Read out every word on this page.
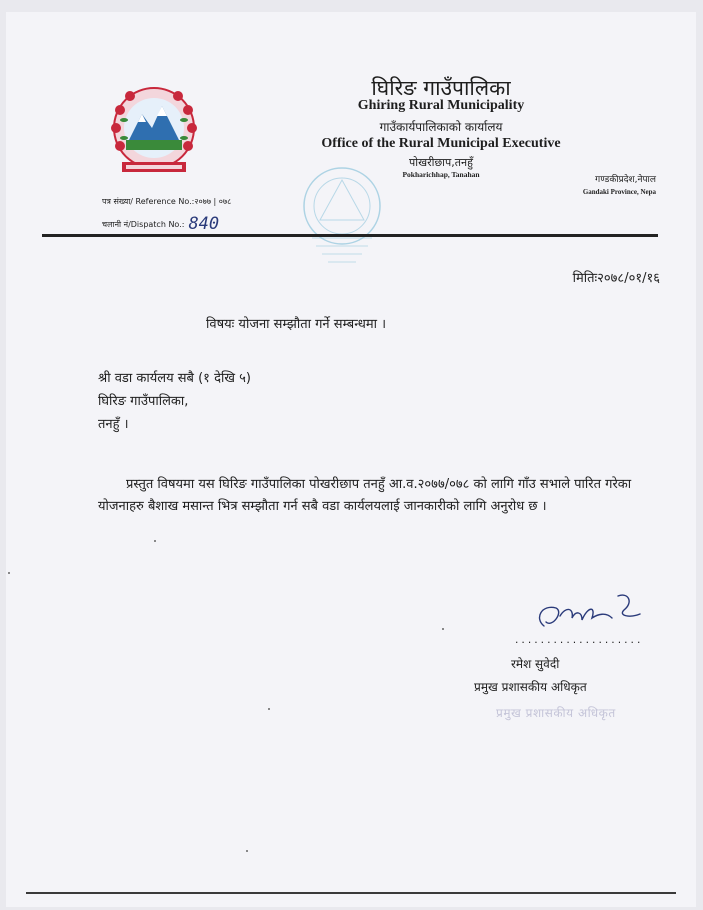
घिरिङ गाउँपालिका
Ghiring Rural Municipality
गाउँकार्यपालिकाको कार्यालय
Office of the Rural Municipal Executive
पोखरीछाप,तनहुँ
Pokharichhap, Tanahan
गण्डकीप्रदेश,नेपाल
Gandaki Province, Nepa
पत्र संख्या/ Reference No.:२०७७ | ०७८
चलानी नं/Dispatch No.: 840
मितिः२०७८/०१/१६
विषयः योजना सम्झौता गर्ने सम्बन्धमा ।
श्री वडा कार्यलय सबै (१ देखि ५)
घिरिङ गाउँपालिका,
तनहुँ ।
प्रस्तुत विषयमा यस घिरिङ गाउँपालिका पोखरीछाप तनहुँ आ.व.२०७७/०७८ को लागि गाँउ सभाले पारित गरेका योजनाहरु बैशाख मसान्त भित्र सम्झौता गर्न सबै वडा कार्यलयलाई जानकारीको लागि अनुरोध छ ।
....................
रमेश सुवेदी
प्रमुख प्रशासकीय अधिकृत
प्रमुख प्रशासकीय अधिकृत
